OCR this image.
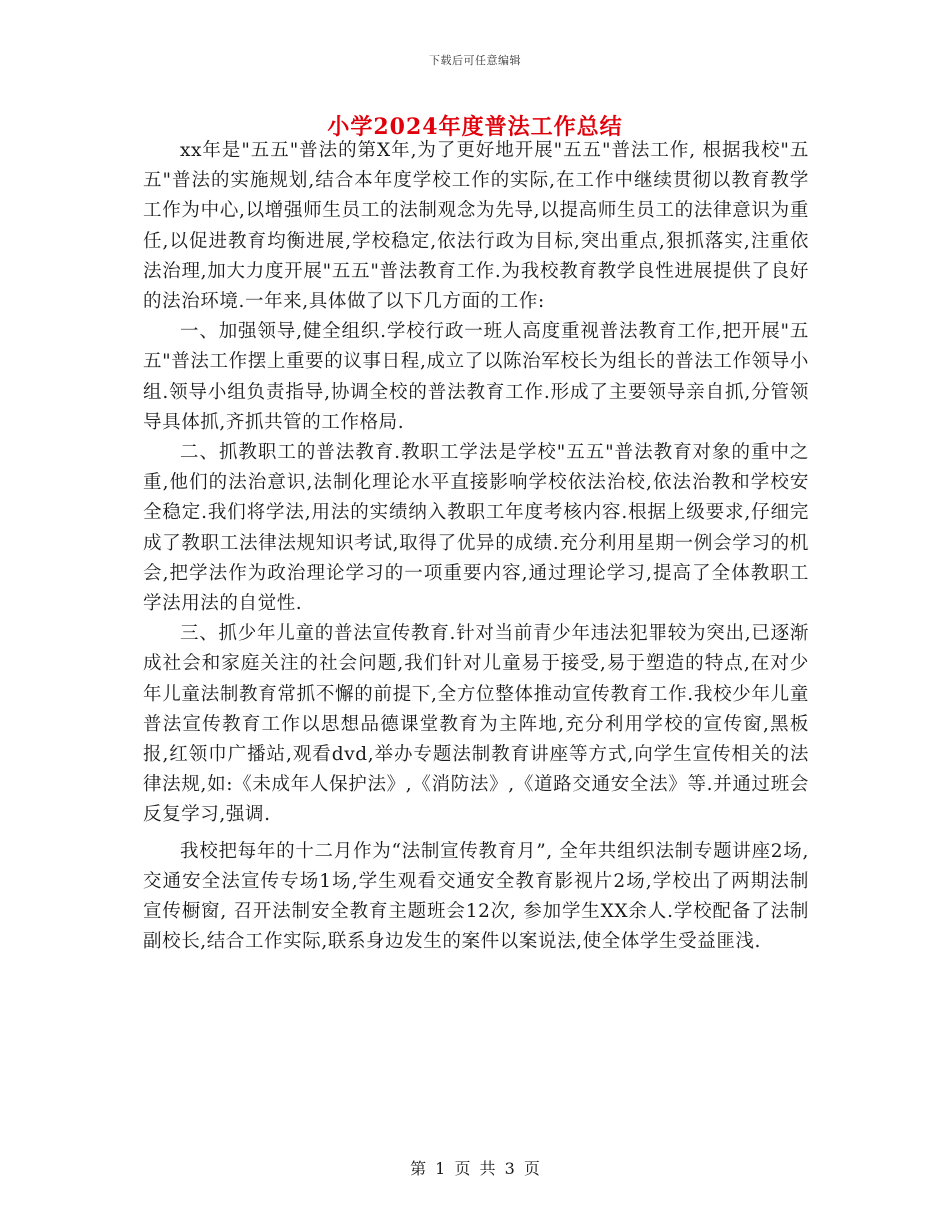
下载后可任意编辑
小学2024年度普法工作总结

xx年是"五五"普法的第X年,为了更好地开展"五五"普法工作, 根据我校"五五"普法的实施规划,结合本年度学校工作的实际,在工作中继续贯彻以教育教学工作为中心,以增强师生员工的法制观念为先导,以提高师生员工的法律意识为重任,以促进教育均衡进展,学校稳定,依法行政为目标,突出重点,狠抓落实,注重依法治理,加大力度开展"五五"普法教育工作.为我校教育教学良性进展提供了良好的法治环境.一年来,具体做了以下几方面的工作:

一、加强领导,健全组织.学校行政一班人高度重视普法教育工作,把开展"五五"普法工作摆上重要的议事日程,成立了以陈治军校长为组长的普法工作领导小组.领导小组负责指导,协调全校的普法教育工作.形成了主要领导亲自抓,分管领导具体抓,齐抓共管的工作格局.

二、抓教职工的普法教育.教职工学法是学校"五五"普法教育对象的重中之重,他们的法治意识,法制化理论水平直接影响学校依法治校,依法治教和学校安全稳定.我们将学法,用法的实绩纳入教职工年度考核内容.根据上级要求,仔细完成了教职工法律法规知识考试,取得了优异的成绩.充分利用星期一例会学习的机会,把学法作为政治理论学习的一项重要内容,通过理论学习,提高了全体教职工学法用法的自觉性.

三、抓少年儿童的普法宣传教育.针对当前青少年违法犯罪较为突出,已逐渐成社会和家庭关注的社会问题,我们针对儿童易于接受,易于塑造的特点,在对少年儿童法制教育常抓不懈的前提下,全方位整体推动宣传教育工作.我校少年儿童普法宣传教育工作以思想品德课堂教育为主阵地,充分利用学校的宣传窗,黑板报,红领巾广播站,观看dvd,举办专题法制教育讲座等方式,向学生宣传相关的法律法规,如:《未成年人保护法》,《消防法》,《道路交通安全法》等.并通过班会反复学习,强调.

我校把每年的十二月作为“法制宣传教育月”, 全年共组织法制专题讲座2场,交通安全法宣传专场1场,学生观看交通安全教育影视片2场,学校出了两期法制宣传橱窗, 召开法制安全教育主题班会12次, 参加学生XX余人.学校配备了法制副校长,结合工作实际,联系身边发生的案件以案说法,使全体学生受益匪浅.

第 1 页 共 3 页
